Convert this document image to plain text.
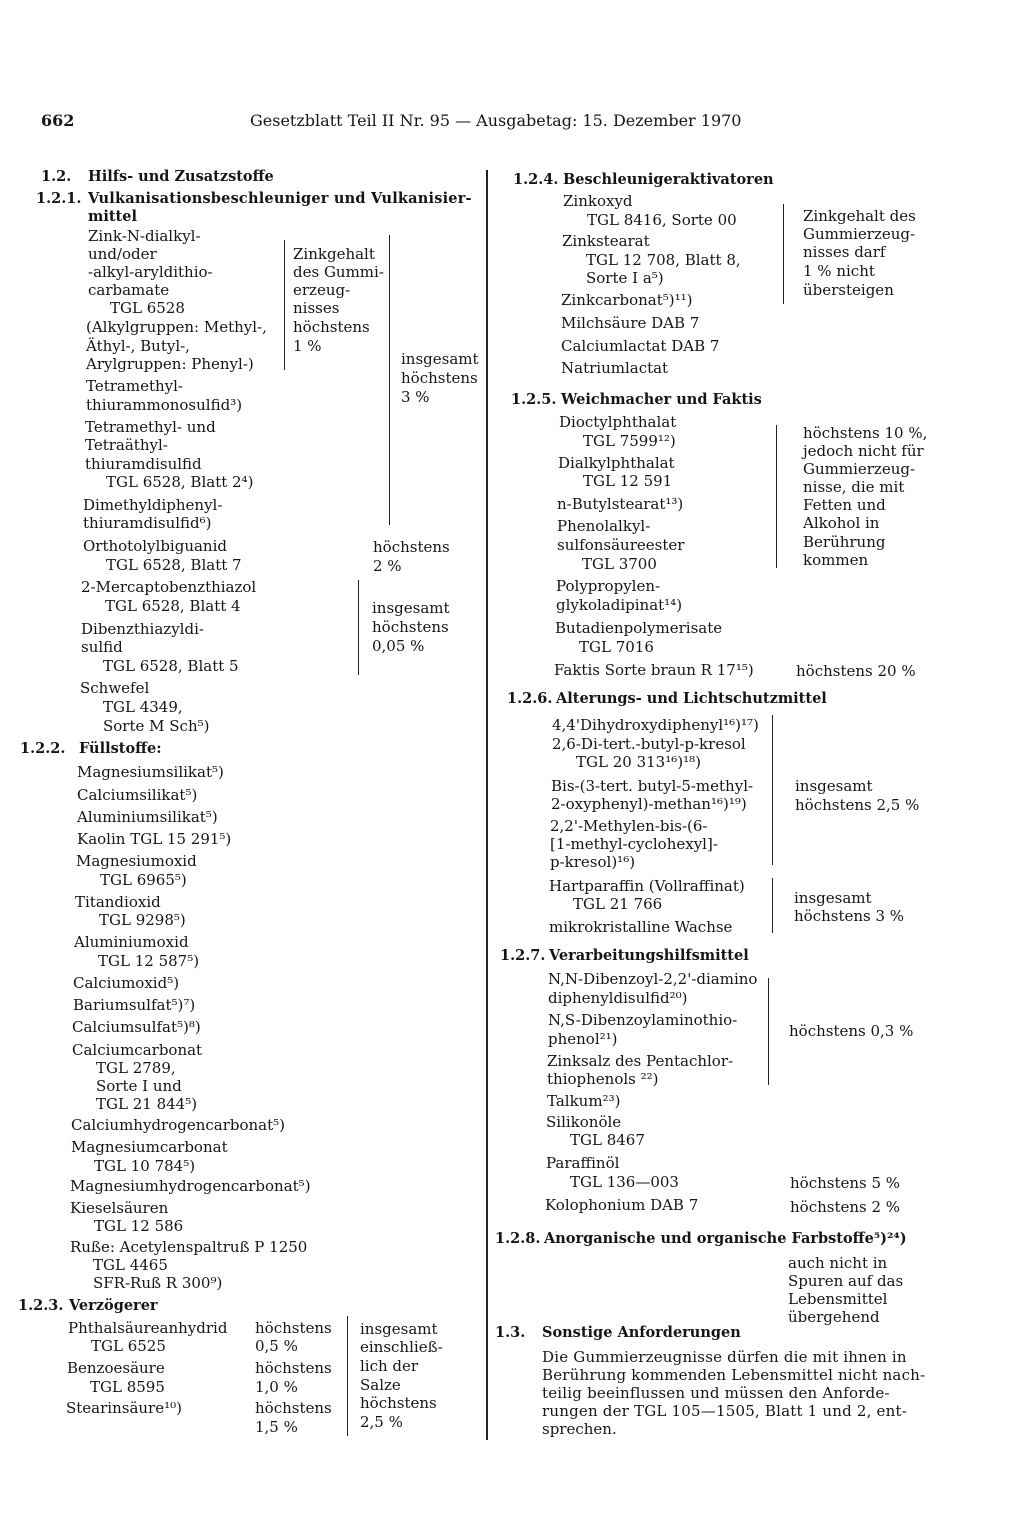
662	Gesetzblatt Teil II Nr. 95 — Ausgabetag: 15. Dezember 1970
1.2. Hilfs- und Zusatzstoffe
1.2.1. Vulkanisationsbeschleuniger und Vulkanisier-
mittel
Zink-N-dialkyl-
und/oder
-alkyl-aryldithio-
carbamate
TGL 6528
(Alkylgruppen: Methyl-,
Äthyl-, Butyl-,
Arylgruppen: Phenyl-)
Tetramethyl-
thiurammonosulfid³)
Tetramethyl- und
Tetraäthyl-
thiuramdisulfid
TGL 6528, Blatt 2⁴)
Dimethyldiphenyl-
thiuramdisulfid⁶)
Orthotolylbiguanid
TGL 6528, Blatt 7
2-Mercaptobenzthiazol
TGL 6528, Blatt 4
Dibenzthiazyldi-
sulfid
TGL 6528, Blatt 5
Schwefel
TGL 4349,
Sorte M Sch⁵)
Zinkgehalt
des Gummi-
erzeug-
nisses
höchstens
1 %
insgesamt
höchstens
3 %
höchstens
2 %
insgesamt
höchstens
0,05 %
1.2.2. Füllstoffe:
Magnesiumsilikat⁵)
Calciumsilikat⁵)
Aluminiumsilikat⁵)
Kaolin TGL 15 291⁵)
Magnesiumoxid
TGL 6965⁵)
Titandioxid
TGL 9298⁵)
Aluminiumoxid
TGL 12 587⁵)
Calciumoxid⁵)
Bariumsulfat⁵)⁷)
Calciumsulfat⁵)⁸)
Calciumcarbonat
TGL 2789,
Sorte I und
TGL 21 844⁵)
Calciumhydrogencarbonat⁵)
Magnesiumcarbonat
TGL 10 784⁵)
Magnesiumhydrogencarbonat⁵)
Kieselsäuren
TGL 12 586
Ruße: Acetylenspaltruß P 1250
TGL 4465
SFR-Ruß R 300⁹)
1.2.3. Verzögerer
Phthalsäureanhydrid
TGL 6525
Benzoesäure
TGL 8595
Stearinsäure¹⁰)
höchstens
0,5 %
höchstens
1,0 %
höchstens
1,5 %
insgesamt
einschließ-
lich der
Salze
höchstens
2,5 %
1.2.4. Beschleunigeraktivatoren
Zinkoxyd
TGL 8416, Sorte 00
Zinkstearat
TGL 12 708, Blatt 8,
Sorte I a⁵)
Zinkcarbonat⁵)¹¹)
Milchsäure DAB 7
Calciumlactat DAB 7
Natriumlactat
Zinkgehalt des
Gummierzeug-
nisses darf
1 % nicht
übersteigen
1.2.5. Weichmacher und Faktis
Dioctylphthalat
TGL 7599¹²)
Dialkylphthalat
TGL 12 591
n-Butylstearat¹³)
Phenolalkyl-
sulfonsäureester
TGL 3700
Polypropylen-
glykoladipinat¹⁴)
Butadienpolymerisate
TGL 7016
Faktis Sorte braun R 17¹⁵)
höchstens 10 %,
jedoch nicht für
Gummierzeug-
nisse, die mit
Fetten und
Alkohol in
Berührung
kommen
höchstens 20 %
1.2.6. Alterungs- und Lichtschutzmittel
4,4'Dihydroxydiphenyl¹⁶)¹⁷)
2,6-Di-tert.-butyl-p-kresol
TGL 20 313¹⁶)¹⁸)
Bis-(3-tert. butyl-5-methyl-
2-oxyphenyl)-methan¹⁶)¹⁹)
2,2'-Methylen-bis-(6-
[1-methyl-cyclohexyl]-
p-kresol)¹⁶)
Hartparaffin (Vollraffinat)
TGL 21 766
mikrokristalline Wachse
insgesamt
höchstens 2,5 %
insgesamt
höchstens 3 %
1.2.7. Verarbeitungshilfsmittel
N,N-Dibenzoyl-2,2'-diamino
diphenyldisulfid²⁰)
N,S-Dibenzoylaminothio-
phenol²¹)
Zinksalz des Pentachlor-
thiophenols ²²)
Talkum²³)
Silikonöle
TGL 8467
Paraffinöl
TGL 136—003
Kolophonium DAB 7
höchstens 0,3 %
höchstens 5 %
höchstens 2 %
1.2.8. Anorganische und organische Farbstoffe⁵)²⁴)
auch nicht in
Spuren auf das
Lebensmittel
übergehend
1.3. Sonstige Anforderungen
Die Gummierzeugnisse dürfen die mit ihnen in
Berührung kommenden Lebensmittel nicht nach-
teilig beeinflussen und müssen den Anforde-
rungen der TGL 105—1505, Blatt 1 und 2, ent-
sprechen.
